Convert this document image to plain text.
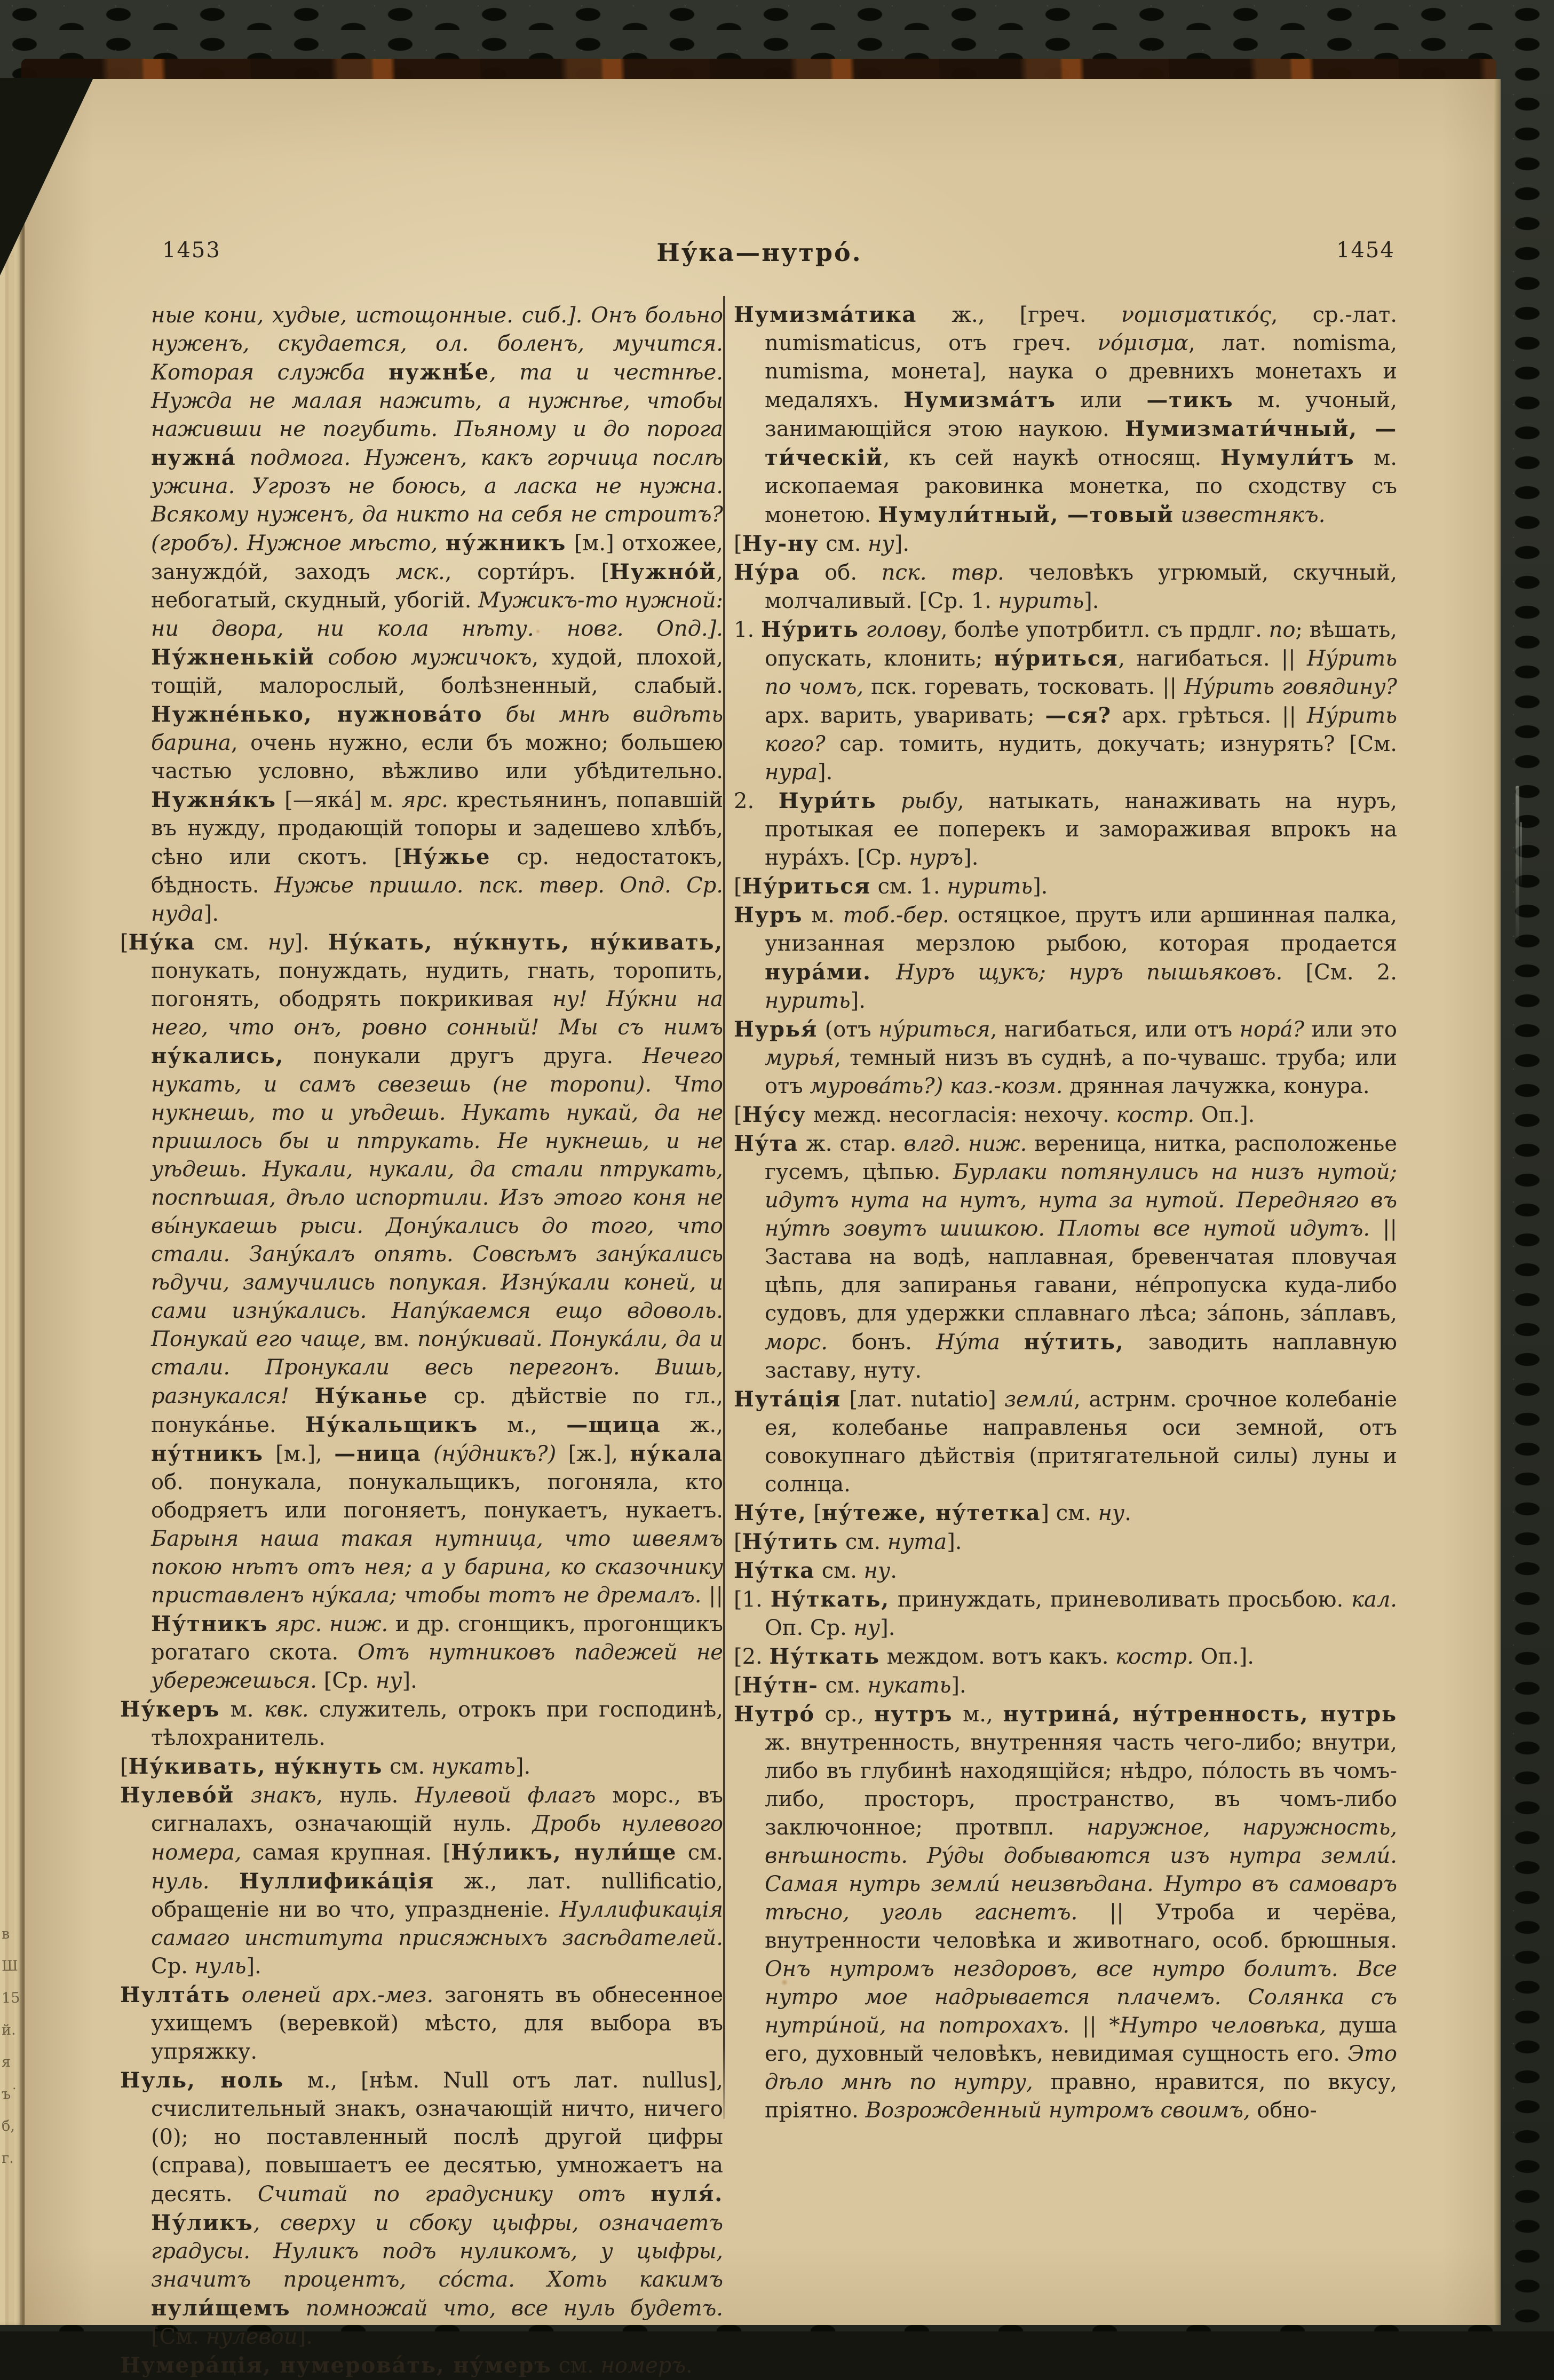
в
Ш
15
й.
я
ъ˙
б,
г.
1453	Ну́ка—нутро́.	1454

ные кони, худые, истощонные. сиб.]. Онъ больно нуженъ, скудается, ол. боленъ, мучится. Которая служба нужнѣ́е, та и честнѣе. Нужда не малая нажить, а нужнѣе, чтобы наживши не погубить. Пьяному и до порога нужна́ подмога. Нуженъ, какъ горчица послѣ ужина. Угрозъ не боюсь, а ласка не нужна. Всякому нуженъ, да никто на себя не строитъ? (гробъ). Нужное мѣсто, ну́жникъ [м.] отхожее, зануждо́й, заходъ мск., сорти́ръ. [Нужно́й, небогатый, скудный, убогій. Мужикъ-то нужной: ни двора, ни кола нѣту. новг. Опд.]. Ну́жненькій собою мужичокъ, худой, плохой, тощій, малорослый, болѣзненный, слабый. Нужне́нько, нужнова́то бы мнѣ видѣть барина, очень нужно, если бъ можно; большею частью условно, вѣжливо или убѣдительно. Нужня́къ [—яка́] м. ярс. крестьянинъ, попавшій въ нужду, продающій топоры и задешево хлѣбъ, сѣно или скотъ. [Ну́жье ср. недостатокъ, бѣдность. Нужье пришло. пск. твер. Опд. Ср. нуда].

[Ну́ка см. ну]. Ну́кать, ну́кнуть, ну́кивать, понукать, понуждать, нудить, гнать, торопить, погонять, ободрять покрикивая ну! Ну́кни на него, что онъ, ровно сонный! Мы съ нимъ ну́кались, понукали другъ друга. Нечего нукать, и самъ свезешь (не торопи). Что нукнешь, то и уѣдешь. Нукать нукай, да не пришлось бы и птрукать. Не нукнешь, и не уѣдешь. Нукали, нукали, да стали птрукать, поспѣшая, дѣло испортили. Изъ этого коня не вы́нукаешь рыси. Дону́кались до того, что стали. Зану́калъ опять. Совсѣмъ зану́кались ѣдучи, замучились попукая. Изну́кали коней, и сами изну́кались. Напу́каемся ещо вдоволь. Понукай его чаще, вм. пону́кивай. Понука́ли, да и стали. Пронукали весь перегонъ. Вишь, разнукался! Ну́канье ср. дѣйствіе по гл., понука́нье. Ну́кальщикъ м., —щица ж., ну́тникъ [м.], —ница (ну́дникъ?) [ж.], ну́кала об. понукала, понукальщикъ, погоняла, кто ободряетъ или погоняетъ, понукаетъ, нукаетъ. Барыня наша такая нутница, что швеямъ покою нѣтъ отъ нея; а у барина, ко сказочнику приставленъ ну́кала; чтобы тотъ не дремалъ. || Ну́тникъ ярс. ниж. и др. сгонщикъ, прогонщикъ рогатаго скота. Отъ нутниковъ падежей не убережешься. [Ср. ну].

Ну́керъ м. квк. служитель, отрокъ при господинѣ, тѣлохранитель.

[Ну́кивать, ну́кнуть см. нукать].

Нулево́й знакъ, нуль. Нулевой флагъ морс., въ сигналахъ, означающій нуль. Дробь нулевого номера, самая крупная. [Ну́ликъ, нули́ще см. нуль. Нуллифика́ція ж., лат. nullificatio, обращеніе ни во что, упраздненіе. Нуллификація самаго института присяжныхъ засѣдателей. Ср. нуль].

Нулта́ть оленей арх.-мез. загонять въ обнесенное ухищемъ (веревкой) мѣсто, для выбора въ упряжку.

Нуль, ноль м., [нѣм. Null отъ лат. nullus], счислительный знакъ, означающій ничто, ничего (0); но поставленный послѣ другой цифры (справа), повышаетъ ее десятью, умножаетъ на десять. Считай по градуснику отъ нуля́. Ну́ликъ, сверху и сбоку цыфры, означаетъ градусы. Нуликъ подъ нуликомъ, у цыфры, значитъ процентъ, со́ста. Хоть какимъ нули́щемъ помножай что, все нуль будетъ. [См. нулевой].

Нумера́ція, нумерова́ть, ну́меръ см. номеръ.

Нумизма́тика ж., [греч. νομισματικός, ср.-лат. numismaticus, отъ греч. νόμισμα, лат. nomisma, numisma, монета], наука о древнихъ монетахъ и медаляхъ. Нумизма́тъ или —тикъ м. учоный, занимающійся этою наукою. Нумизмати́чный, —ти́ческій, къ сей наукѣ относящ. Нумули́тъ м. ископаемая раковинка монетка, по сходству съ монетою. Нумули́тный, —товый известнякъ.

[Ну-ну см. ну].

Ну́ра об. пск. твр. человѣкъ угрюмый, скучный, молчаливый. [Ср. 1. нурить].

1. Ну́рить голову, болѣе употрбитл. съ прдлг. по; вѣшать, опускать, клонить; ну́риться, нагибаться. || Ну́рить по чомъ, пск. горевать, тосковать. || Ну́рить говядину? арх. варить, уваривать; —ся? арх. грѣться. || Ну́рить кого? сар. томить, нудить, докучать; изнурять? [См. нура].

2. Нури́ть рыбу, натыкать, нанаживать на нуръ, протыкая ее поперекъ и замораживая впрокъ на нура́хъ. [Ср. нуръ].

[Ну́риться см. 1. нурить].

Нуръ м. тоб.-бер. остяцкое, прутъ или аршинная палка, унизанная мерзлою рыбою, которая продается нура́ми. Нуръ щукъ; нуръ пышьяковъ. [См. 2. нурить].

Нурья́ (отъ ну́риться, нагибаться, или отъ нора́? или это мурья́, темный низъ въ суднѣ, а по-чувашс. труба; или отъ мурова́ть?) каз.-козм. дрянная лачужка, конура.

[Ну́су межд. несогласія: нехочу. костр. Оп.].

Ну́та ж. стар. влгд. ниж. вереница, нитка, расположенье гусемъ, цѣпью. Бурлаки потянулись на низъ нутой; идутъ нута на нутъ, нута за нутой. Передняго въ ну́тѣ зовутъ шишкою. Плоты все нутой идутъ. || Застава на водѣ, наплавная, бревенчатая пловучая цѣпь, для запиранья гавани, не́пропуска куда-либо судовъ, для удержки сплавнаго лѣса; за́понь, за́плавъ, морс. бонъ. Ну́та ну́тить, заводить наплавную заставу, нуту.

Нута́ція [лат. nutatio] земли́, астрнм. срочное колебаніе ея, колебанье направленья оси земной, отъ совокупнаго дѣйствія (притягательной силы) луны и солнца.

Ну́те, [ну́теже, ну́тетка] см. ну.

[Ну́тить см. нута].

Ну́тка см. ну.

[1. Ну́ткать, принуждать, приневоливать просьбою. кал. Оп. Ср. ну].

[2. Ну́ткать междом. вотъ какъ. костр. Оп.].

[Ну́тн- см. нукать].

Нутро́ ср., нутръ м., нутрина́, ну́тренность, нутрь ж. внутренность, внутренняя часть чего-либо; внутри, либо въ глубинѣ находящійся; нѣдро, по́лость въ чомъ-либо, просторъ, пространство, въ чомъ-либо заключонное; протвпл. наружное, наружность, внѣшность. Ру́ды добываются изъ нутра земли́. Самая нутрь земли́ неизвѣдана. Нутро въ самоваръ тѣсно, уголь гаснетъ. || Утроба и черёва, внутренности человѣка и животнаго, особ. брюшныя. Онъ нутромъ нездоровъ, все нутро болитъ. Все нутро мое надрывается плачемъ. Солянка съ нутри́ной, на потрохахъ. || *Нутро человѣка, душа его, духовный человѣкъ, невидимая сущность его. Это дѣло мнѣ по нутру, правно, нравится, по вкусу, пріятно. Возрожденный нутромъ своимъ, обно-
